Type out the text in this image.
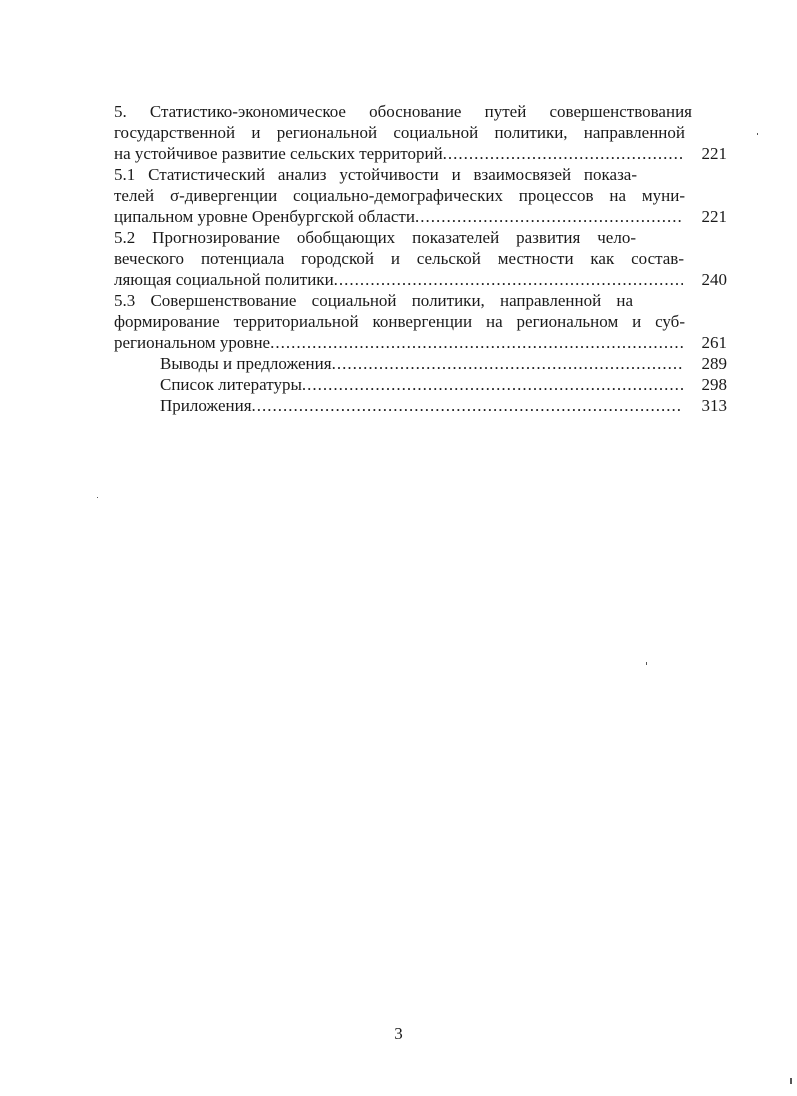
5. Статистико-экономическое обоснование путей совершенствования

государственной и региональной социальной политики, направленной

на устойчивое развитие сельских территорий .....	221

5.1 Статистический анализ устойчивости и взаимосвязей показа-

телей σ-дивергенции социально-демографических процессов на муни-

ципальном уровне Оренбургской области .....	221

5.2 Прогнозирование обобщающих показателей развития чело-

веческого потенциала городской и сельской местности как состав-

ляющая социальной политики .....	240

5.3 Совершенствование социальной политики, направленной на

формирование территориальной конвергенции на региональном и суб-

региональном уровне .....	261
Выводы и предложения .....	289
Список литературы .....	298
Приложения .....	313
3
